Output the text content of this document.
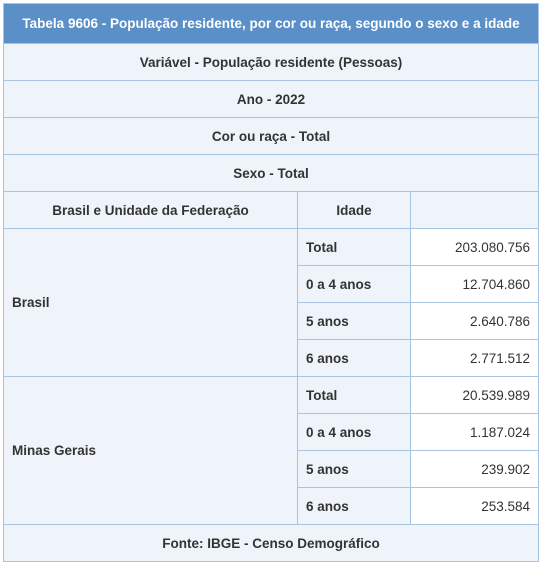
Tabela 9606 - População residente, por cor ou raça, segundo o sexo e a idade		
Variável - População residente (Pessoas)		
Ano - 2022		
Cor ou raça - Total		
Sexo - Total		
Brasil e Unidade da Federação	Idade	
Brasil	Total	203.080.756
	0 a 4 anos	12.704.860
	5 anos	2.640.786
	6 anos	2.771.512
Minas Gerais	Total	20.539.989
	0 a 4 anos	1.187.024
	5 anos	239.902
	6 anos	253.584
Fonte: IBGE - Censo Demográfico		
